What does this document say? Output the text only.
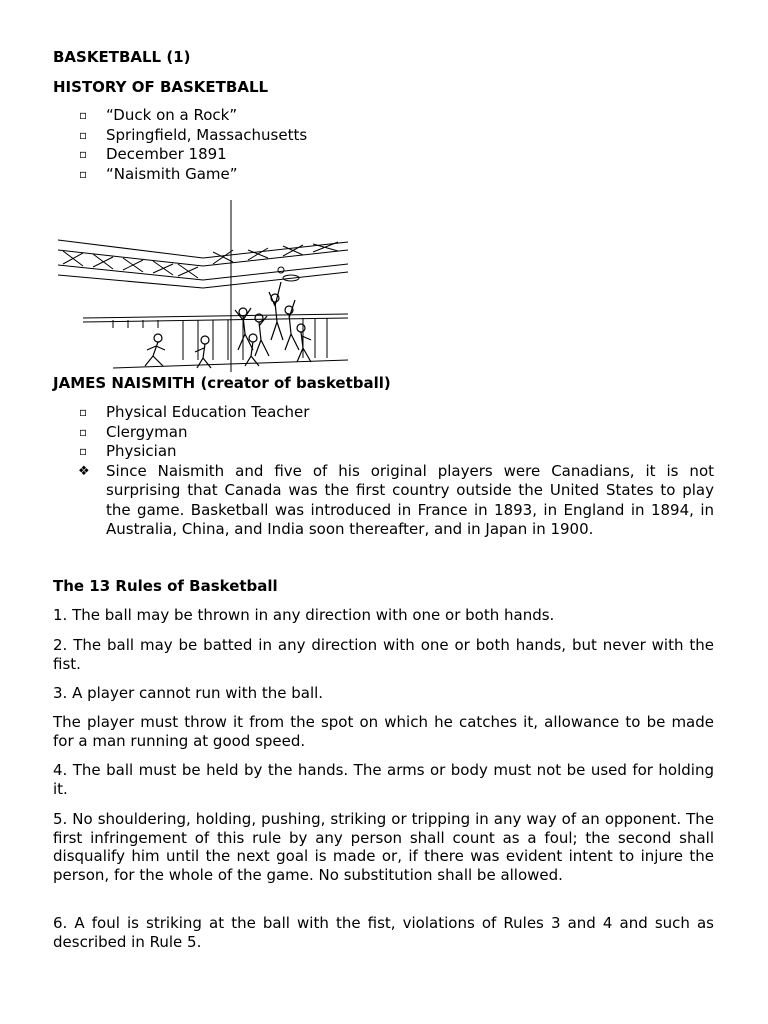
BASKETBALL (1)
HISTORY OF BASKETBALL
▫ “Duck on a Rock”
▫ Springfield, Massachusetts
▫ December 1891
▫ “Naismith Game”
JAMES NAISMITH (creator of basketball)
▫ Physical Education Teacher
▫ Clergyman
▫ Physician
❖ Since Naismith and five of his original players were Canadians, it is not surprising that Canada was the first country outside the United States to play the game. Basketball was introduced in France in 1893, in England in 1894, in Australia, China, and India soon thereafter, and in Japan in 1900.
The 13 Rules of Basketball
1. The ball may be thrown in any direction with one or both hands.
2. The ball may be batted in any direction with one or both hands, but never with the fist.
3. A player cannot run with the ball.
The player must throw it from the spot on which he catches it, allowance to be made for a man running at good speed.
4. The ball must be held by the hands. The arms or body must not be used for holding it.
5. No shouldering, holding, pushing, striking or tripping in any way of an opponent. The first infringement of this rule by any person shall count as a foul; the second shall disqualify him until the next goal is made or, if there was evident intent to injure the person, for the whole of the game. No substitution shall be allowed.
6. A foul is striking at the ball with the fist, violations of Rules 3 and 4 and such as described in Rule 5.
